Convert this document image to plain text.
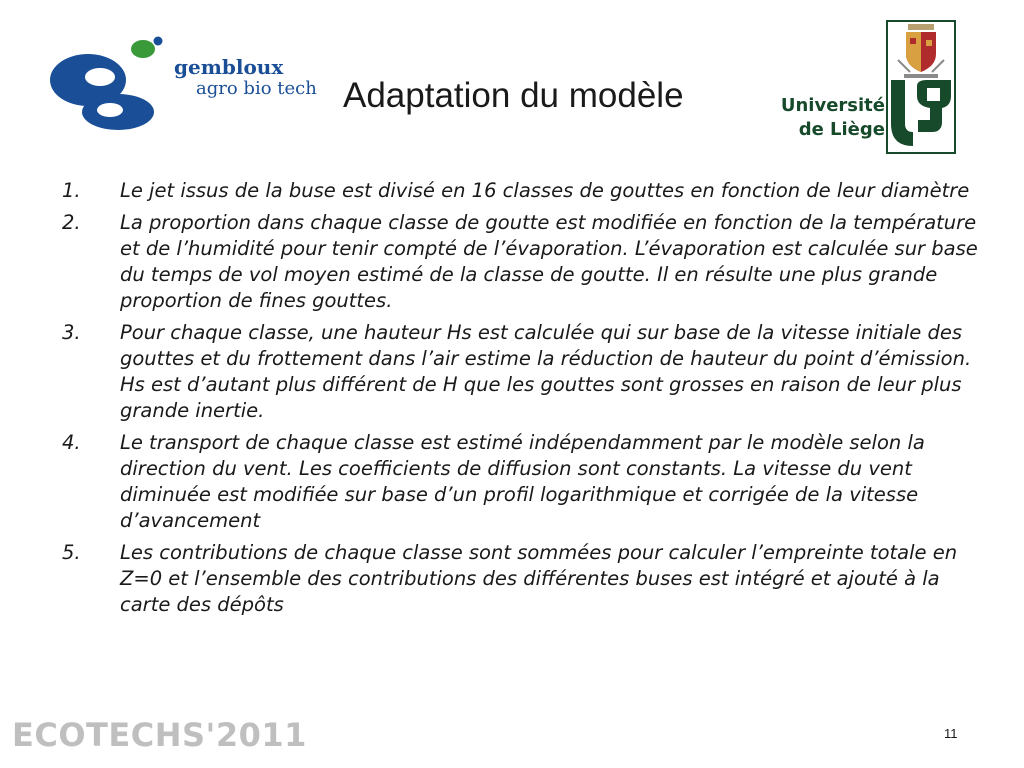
gembloux
agro bio tech Adaptation du modèle	Université
de Liège
1. Le jet issus de la buse est divisé en 16 classes de gouttes en fonction de leur diamètre
2. La proportion dans chaque classe de goutte est modifiée en fonction de la température et de l’humidité pour tenir compté de l’évaporation. L’évaporation est calculée sur base du temps de vol moyen estimé de la classe de goutte. Il en résulte une plus grande proportion de fines gouttes.
3. Pour chaque classe, une hauteur Hs est calculée qui sur base de la vitesse initiale des gouttes et du frottement dans l’air estime la réduction de hauteur du point d’émission. Hs est d’autant plus différent de H que les gouttes sont grosses en raison de leur plus grande inertie.
4. Le transport de chaque classe est estimé indépendamment par le modèle selon la direction du vent. Les coefficients de diffusion sont constants. La vitesse du vent diminuée est modifiée sur base d’un profil logarithmique et corrigée de la vitesse d’avancement
5. Les contributions de chaque classe sont sommées pour calculer l’empreinte totale en Z=0 et l’ensemble des contributions des différentes buses est intégré et ajouté à la carte des dépôts
ECOTECHS'2011	11
